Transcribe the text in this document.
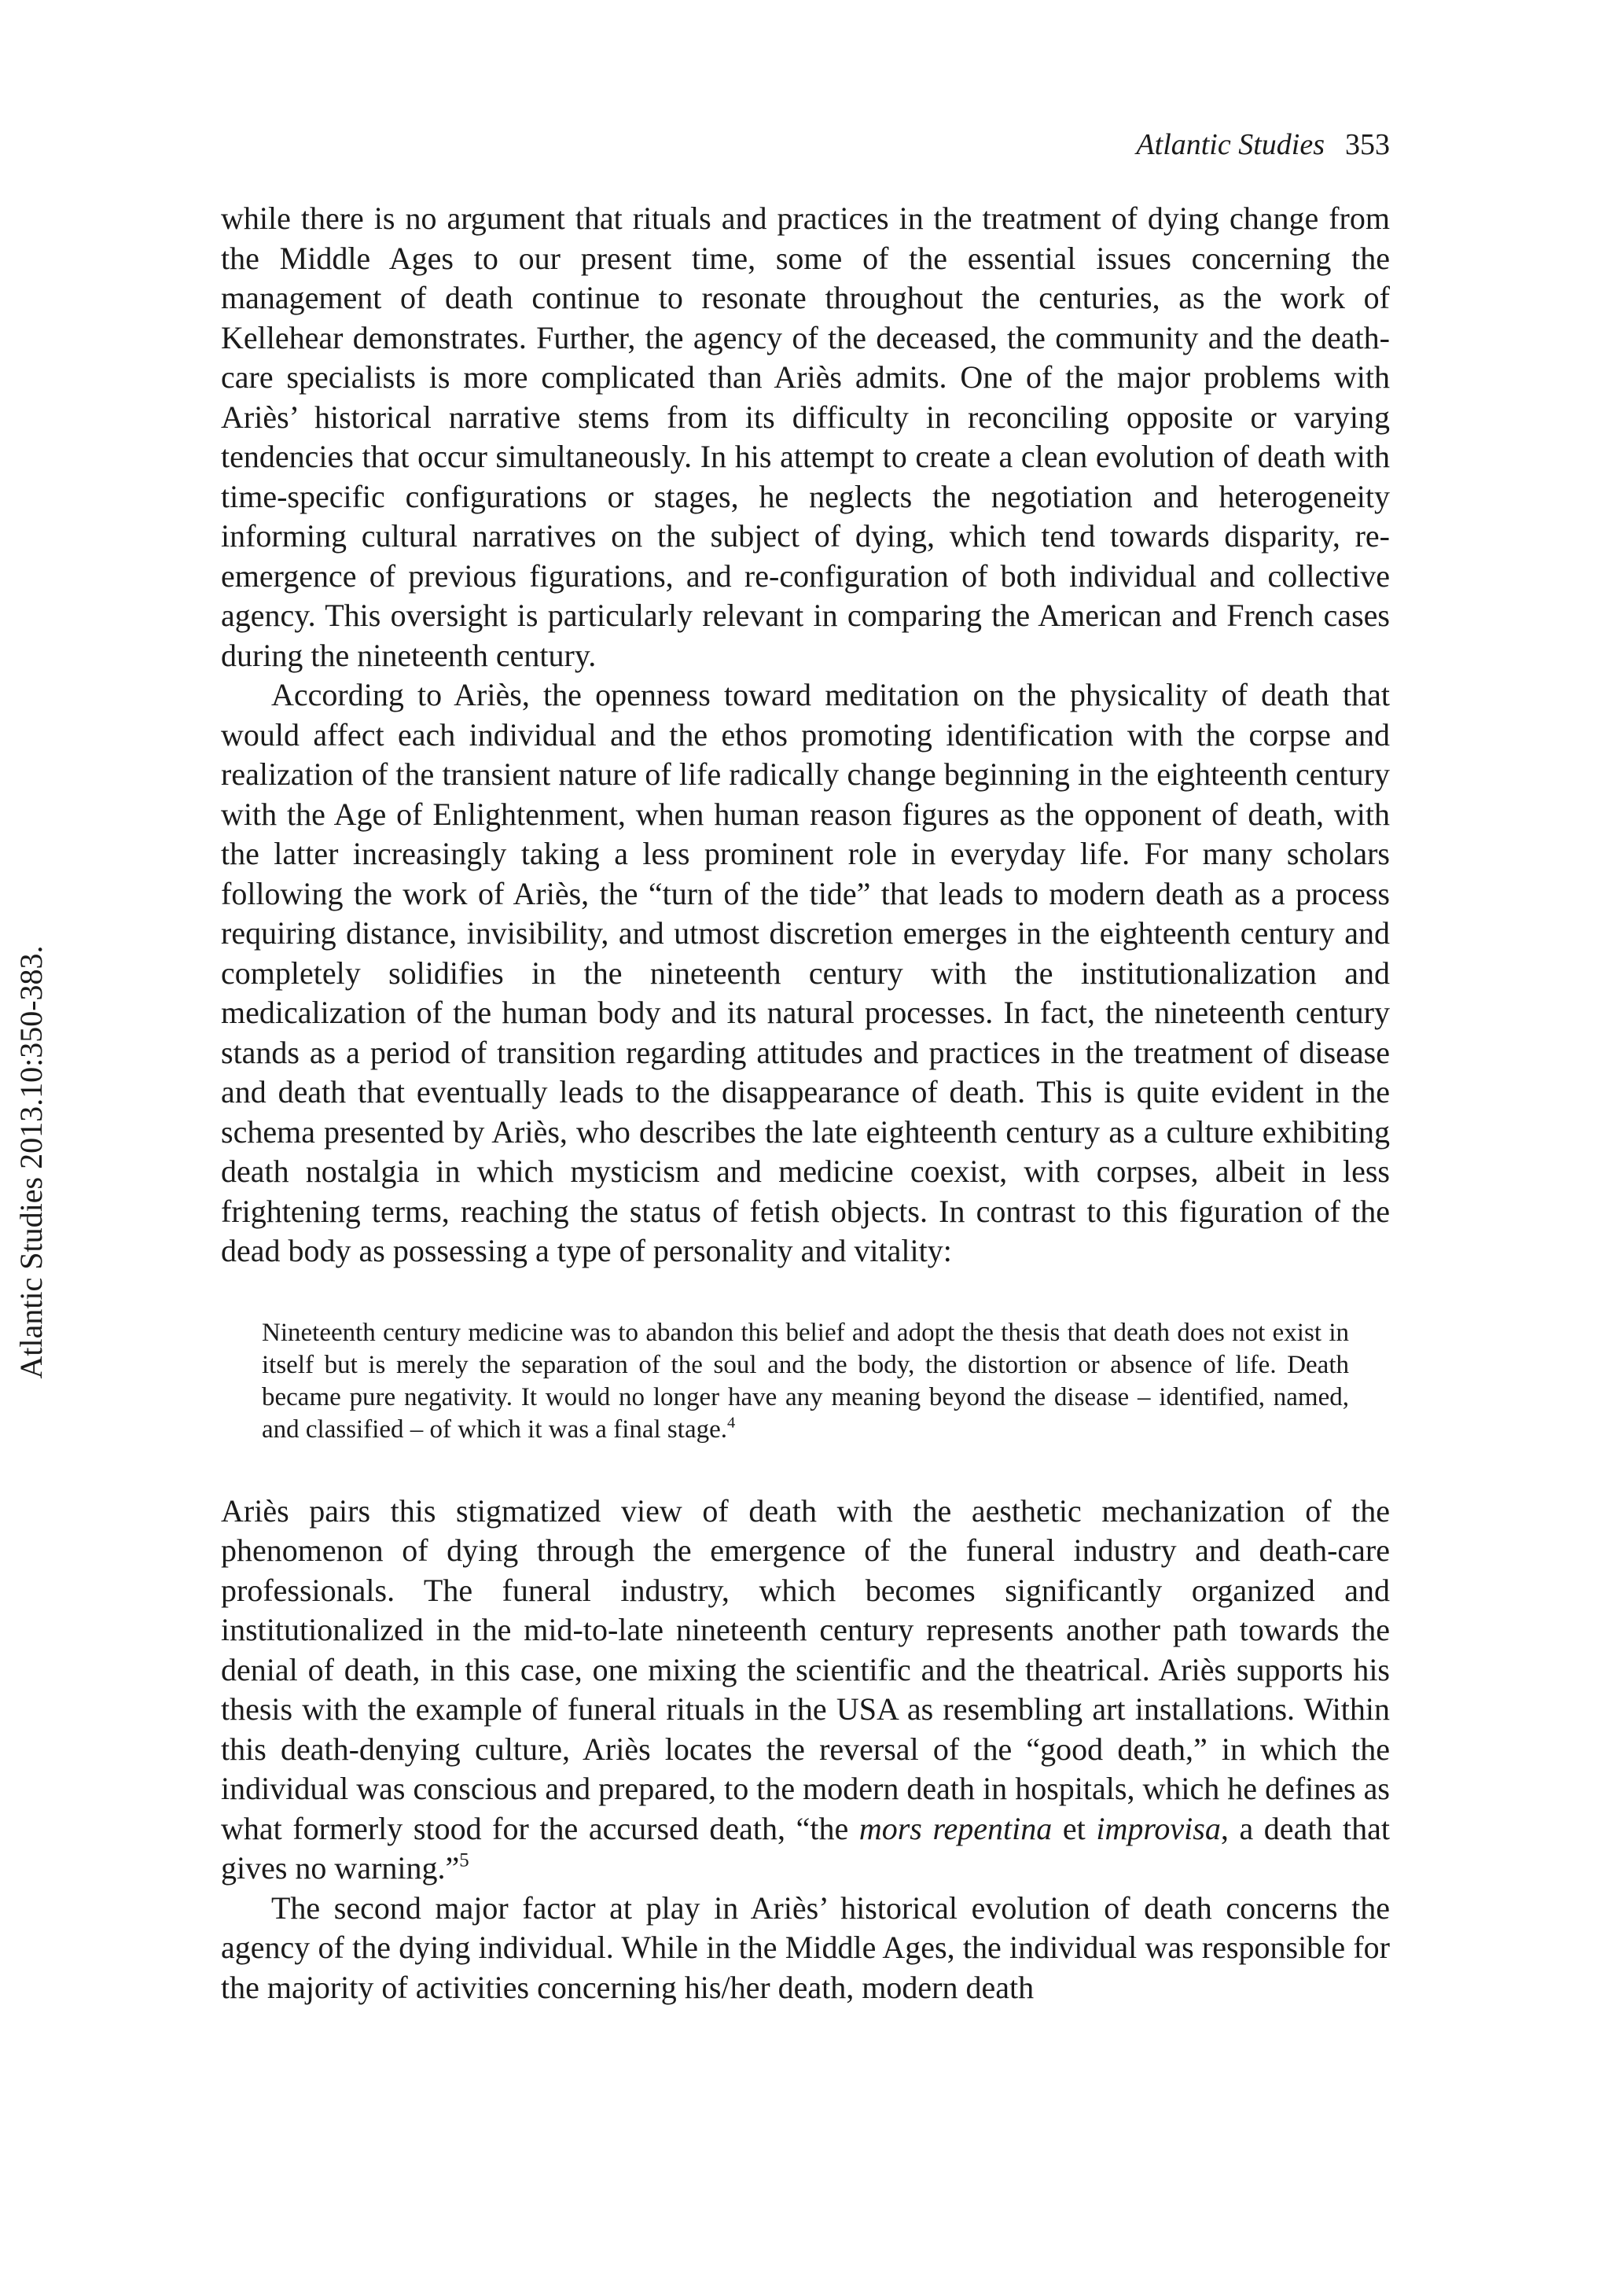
Atlantic Studies 353
Atlantic Studies 2013.10:350-383.

while there is no argument that rituals and practices in the treatment of dying change from the Middle Ages to our present time, some of the essential issues concerning the management of death continue to resonate throughout the centuries, as the work of Kellehear demonstrates. Further, the agency of the deceased, the community and the death-care specialists is more complicated than Ariès admits. One of the major problems with Ariès’ historical narrative stems from its difficulty in reconciling opposite or varying tendencies that occur simultaneously. In his attempt to create a clean evolution of death with time-specific configurations or stages, he neglects the negotiation and heterogeneity informing cultural narratives on the subject of dying, which tend towards disparity, re-emergence of previous figurations, and re-configuration of both individual and collective agency. This oversight is particularly relevant in comparing the American and French cases during the nineteenth century.

According to Ariès, the openness toward meditation on the physicality of death that would affect each individual and the ethos promoting identification with the corpse and realization of the transient nature of life radically change beginning in the eighteenth century with the Age of Enlightenment, when human reason figures as the opponent of death, with the latter increasingly taking a less prominent role in everyday life. For many scholars following the work of Ariès, the “turn of the tide” that leads to modern death as a process requiring distance, invisibility, and utmost discretion emerges in the eighteenth century and completely solidifies in the nineteenth century with the institutionalization and medicalization of the human body and its natural processes. In fact, the nineteenth century stands as a period of transition regarding attitudes and practices in the treatment of disease and death that eventually leads to the disappearance of death. This is quite evident in the schema presented by Ariès, who describes the late eighteenth century as a culture exhibiting death nostalgia in which mysticism and medicine coexist, with corpses, albeit in less frightening terms, reaching the status of fetish objects. In contrast to this figuration of the dead body as possessing a type of personality and vitality:

Nineteenth century medicine was to abandon this belief and adopt the thesis that death does not exist in itself but is merely the separation of the soul and the body, the distortion or absence of life. Death became pure negativity. It would no longer have any meaning beyond the disease – identified, named, and classified – of which it was a final stage.$^4$

Ariès pairs this stigmatized view of death with the aesthetic mechanization of the phenomenon of dying through the emergence of the funeral industry and death-care professionals. The funeral industry, which becomes significantly organized and institutionalized in the mid-to-late nineteenth century represents another path towards the denial of death, in this case, one mixing the scientific and the theatrical. Ariès supports his thesis with the example of funeral rituals in the USA as resembling art installations. Within this death-denying culture, Ariès locates the reversal of the “good death,” in which the individual was conscious and prepared, to the modern death in hospitals, which he defines as what formerly stood for the accursed death, “the mors repentina et improvisa, a death that gives no warning.”$^5$

The second major factor at play in Ariès’ historical evolution of death concerns the agency of the dying individual. While in the Middle Ages, the individual was responsible for the majority of activities concerning his/her death, modern death
